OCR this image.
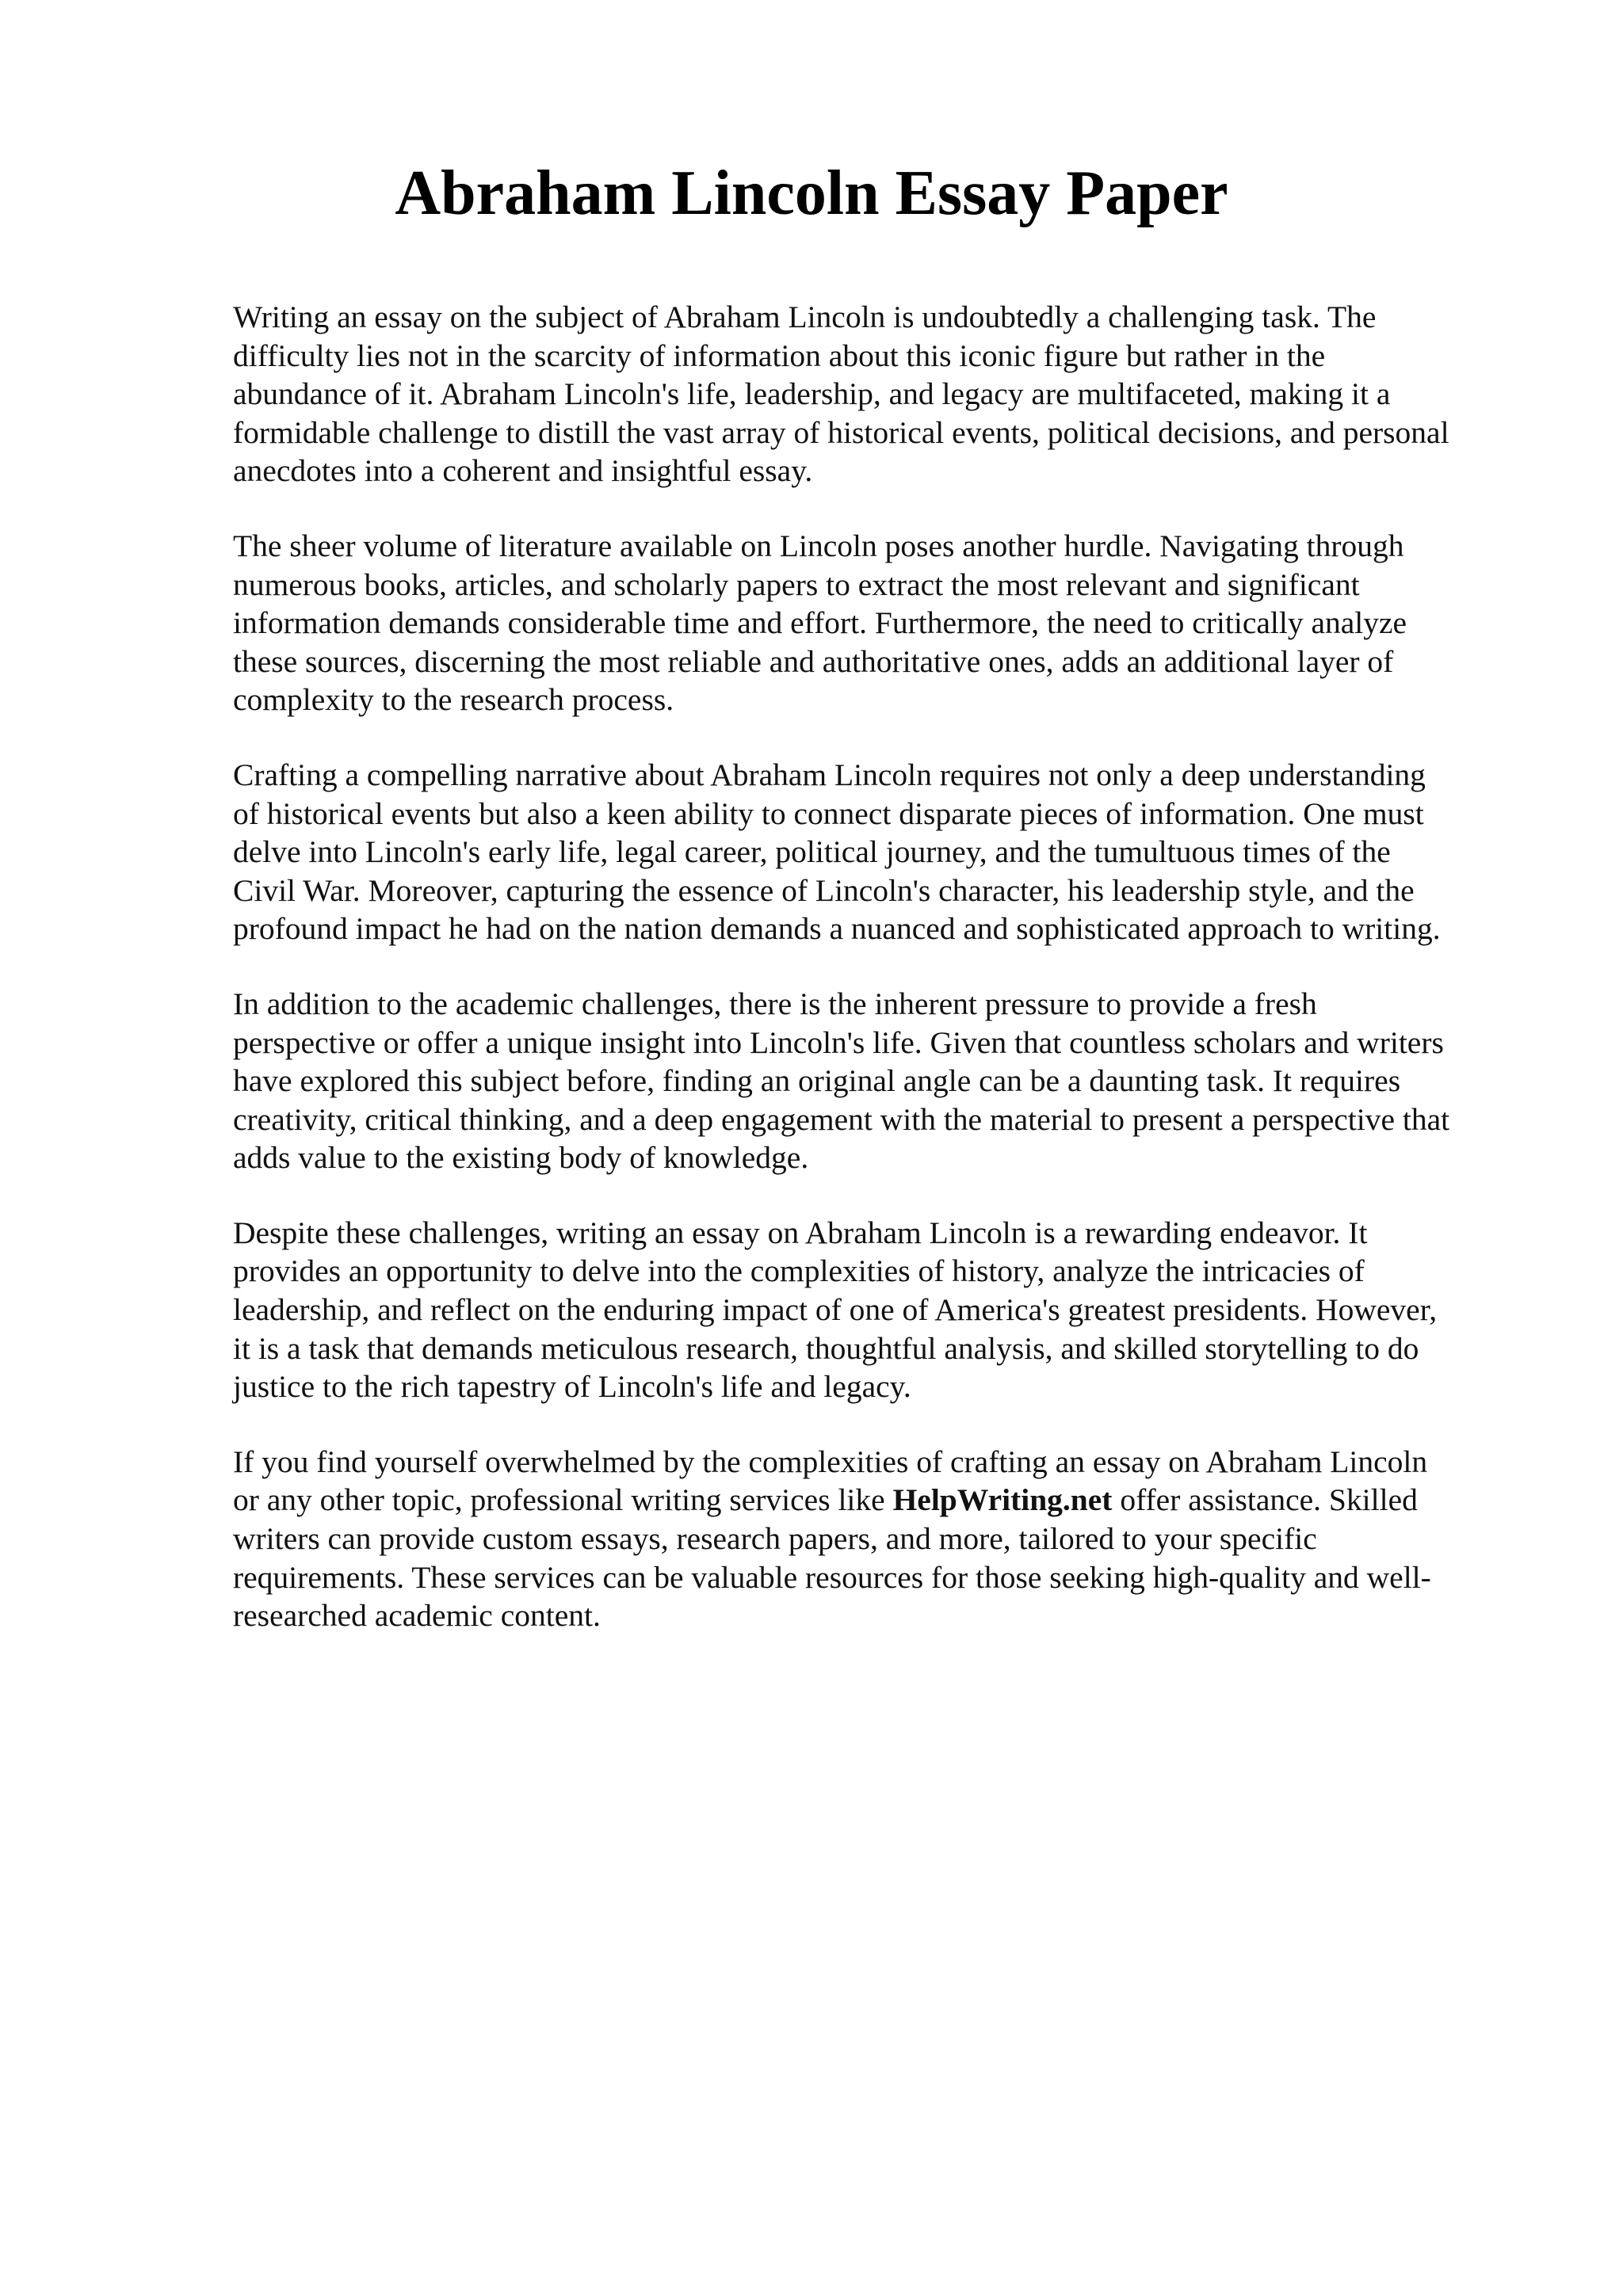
Abraham Lincoln Essay Paper

Writing an essay on the subject of Abraham Lincoln is undoubtedly a challenging task. The
difficulty lies not in the scarcity of information about this iconic figure but rather in the
abundance of it. Abraham Lincoln's life, leadership, and legacy are multifaceted, making it a
formidable challenge to distill the vast array of historical events, political decisions, and personal
anecdotes into a coherent and insightful essay.

The sheer volume of literature available on Lincoln poses another hurdle. Navigating through
numerous books, articles, and scholarly papers to extract the most relevant and significant
information demands considerable time and effort. Furthermore, the need to critically analyze
these sources, discerning the most reliable and authoritative ones, adds an additional layer of
complexity to the research process.

Crafting a compelling narrative about Abraham Lincoln requires not only a deep understanding
of historical events but also a keen ability to connect disparate pieces of information. One must
delve into Lincoln's early life, legal career, political journey, and the tumultuous times of the
Civil War. Moreover, capturing the essence of Lincoln's character, his leadership style, and the
profound impact he had on the nation demands a nuanced and sophisticated approach to writing.

In addition to the academic challenges, there is the inherent pressure to provide a fresh
perspective or offer a unique insight into Lincoln's life. Given that countless scholars and writers
have explored this subject before, finding an original angle can be a daunting task. It requires
creativity, critical thinking, and a deep engagement with the material to present a perspective that
adds value to the existing body of knowledge.

Despite these challenges, writing an essay on Abraham Lincoln is a rewarding endeavor. It
provides an opportunity to delve into the complexities of history, analyze the intricacies of
leadership, and reflect on the enduring impact of one of America's greatest presidents. However,
it is a task that demands meticulous research, thoughtful analysis, and skilled storytelling to do
justice to the rich tapestry of Lincoln's life and legacy.

If you find yourself overwhelmed by the complexities of crafting an essay on Abraham Lincoln
or any other topic, professional writing services like HelpWriting.net offer assistance. Skilled
writers can provide custom essays, research papers, and more, tailored to your specific
requirements. These services can be valuable resources for those seeking high-quality and well-
researched academic content.
